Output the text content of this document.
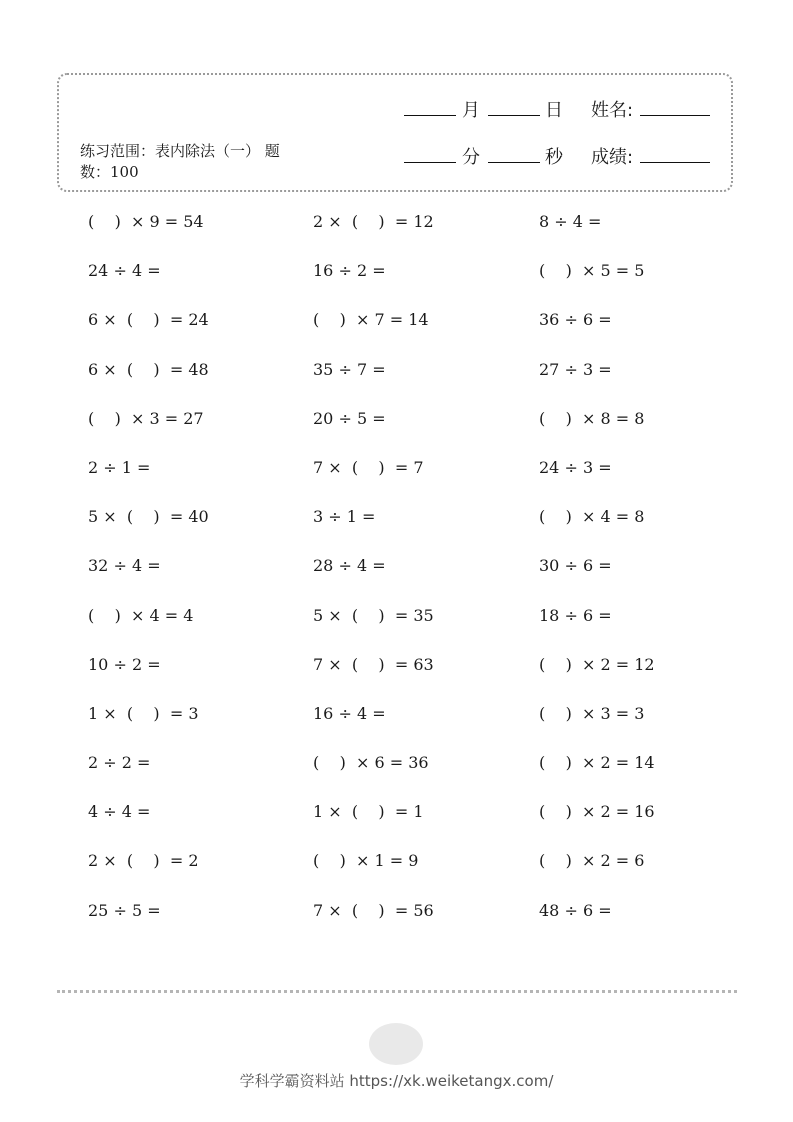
练习范围：表内除法（一） 题
数：100
月	日 姓名:
分	秒 成绩:
(    )  × 9 = 54	2 ×  (    )  = 12	8 ÷ 4 =
24 ÷ 4 =	16 ÷ 2 =	(    )  × 5 = 5
6 ×  (    )  = 24	(    )  × 7 = 14	36 ÷ 6 =
6 ×  (    )  = 48	35 ÷ 7 =	27 ÷ 3 =
(    )  × 3 = 27	20 ÷ 5 =	(    )  × 8 = 8
2 ÷ 1 =	7 ×  (    )  = 7	24 ÷ 3 =
5 ×  (    )  = 40	3 ÷ 1 =	(    )  × 4 = 8
32 ÷ 4 =	28 ÷ 4 =	30 ÷ 6 =
(    )  × 4 = 4	5 ×  (    )  = 35	18 ÷ 6 =
10 ÷ 2 =	7 ×  (    )  = 63	(    )  × 2 = 12
1 ×  (    )  = 3	16 ÷ 4 =	(    )  × 3 = 3
2 ÷ 2 =	(    )  × 6 = 36	(    )  × 2 = 14
4 ÷ 4 =	1 ×  (    )  = 1	(    )  × 2 = 16
2 ×  (    )  = 2	(    )  × 1 = 9	(    )  × 2 = 6
25 ÷ 5 =	7 ×  (    )  = 56	48 ÷ 6 =
学科学霸资料站 https://xk.weiketangx.com/
